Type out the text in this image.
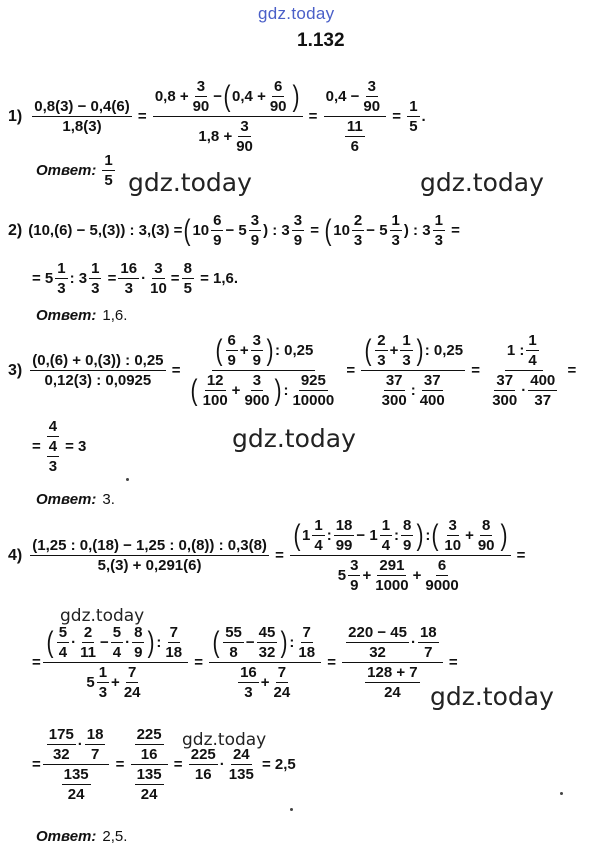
gdz.today
1.132
gdz.today	gdz.today
gdz.today
gdz.today
gdz.today
gdz.today
$1) \frac{0,8(3) - 0,4(6)}{1,8(3)}$ =
$0,8 + \frac{3}{90}$ − ( $0,4 + \frac{6}{90}$ )
$1,8 + \frac{3}{90}$
= $\frac{0,4 - \frac{3}{90}}{\frac{11}{6}} = \frac{1}{5}$ .
Ответ: $\frac{1}{5}$
2) (10,(6) − 5,(3)) : 3,(3) = ( $10 \frac{6}{9} - 5 \frac{3}{9}$ ) : $3 \frac{3}{9}$
=
( $10 \frac{2}{3} - 5 \frac{1}{3}$ ) : $3 \frac{1}{3}$
=
= $5 \frac{1}{3}$ : $3 \frac{1}{3}$
= $\frac{16}{3} \cdot \frac{3}{10} = \frac{8}{5}$
= 1,6.
Ответ: 1,6.
$3) \frac{(0,(6) + 0,(3)) : 0,25}{0,12(3) : 0,0925} = \frac{( \frac{6}{9} + \frac{3}{9} ) : 0,25}{( \frac{12}{100} + \frac{3}{900} ) : \frac{925}{10000}} = \frac{( \frac{2}{3} + \frac{1}{3} ) : 0,25}{\frac{37}{300} : \frac{37}{400}} = \frac{1 : \frac{1}{4}}{\frac{37}{300} \cdot \frac{400}{37}}$ =
= $\frac{4}{\frac{4}{3}} = 3$
Ответ: 3.
$4) \frac{(1,25 : 0,(18) - 1,25 : 0,(8)) : 0,3(8)}{5,(3) + 0,291(6)}$ =
( $1 \frac{1}{4}$ : $\frac{18}{99} - 1 \frac{1}{4}$ : $\frac{8}{9}$ ) : ( $\frac{3}{10} + \frac{8}{90}$ )
$5 \frac{3}{9} + \frac{291}{1000} + \frac{6}{9000}$
=
=
( $\frac{5}{4} \cdot \frac{2}{11} - \frac{5}{4} \cdot \frac{8}{9}$ ) : $\frac{7}{18}$
$5 \frac{1}{3} + \frac{7}{24}$
= $\frac{( \frac{55}{8} - \frac{45}{32} ) : \frac{7}{18}}{\frac{16}{3} + \frac{7}{24}} = \frac{\frac{220 - 45}{32} \cdot \frac{18}{7}}{\frac{128 + 7}{24}}$ =
= $\frac{\frac{175}{32} \cdot \frac{18}{7}}{\frac{135}{24}} = \frac{\frac{225}{16}}{\frac{135}{24}} = \frac{225}{16} \cdot \frac{24}{135}$
= 2,5
Ответ: 2,5.
